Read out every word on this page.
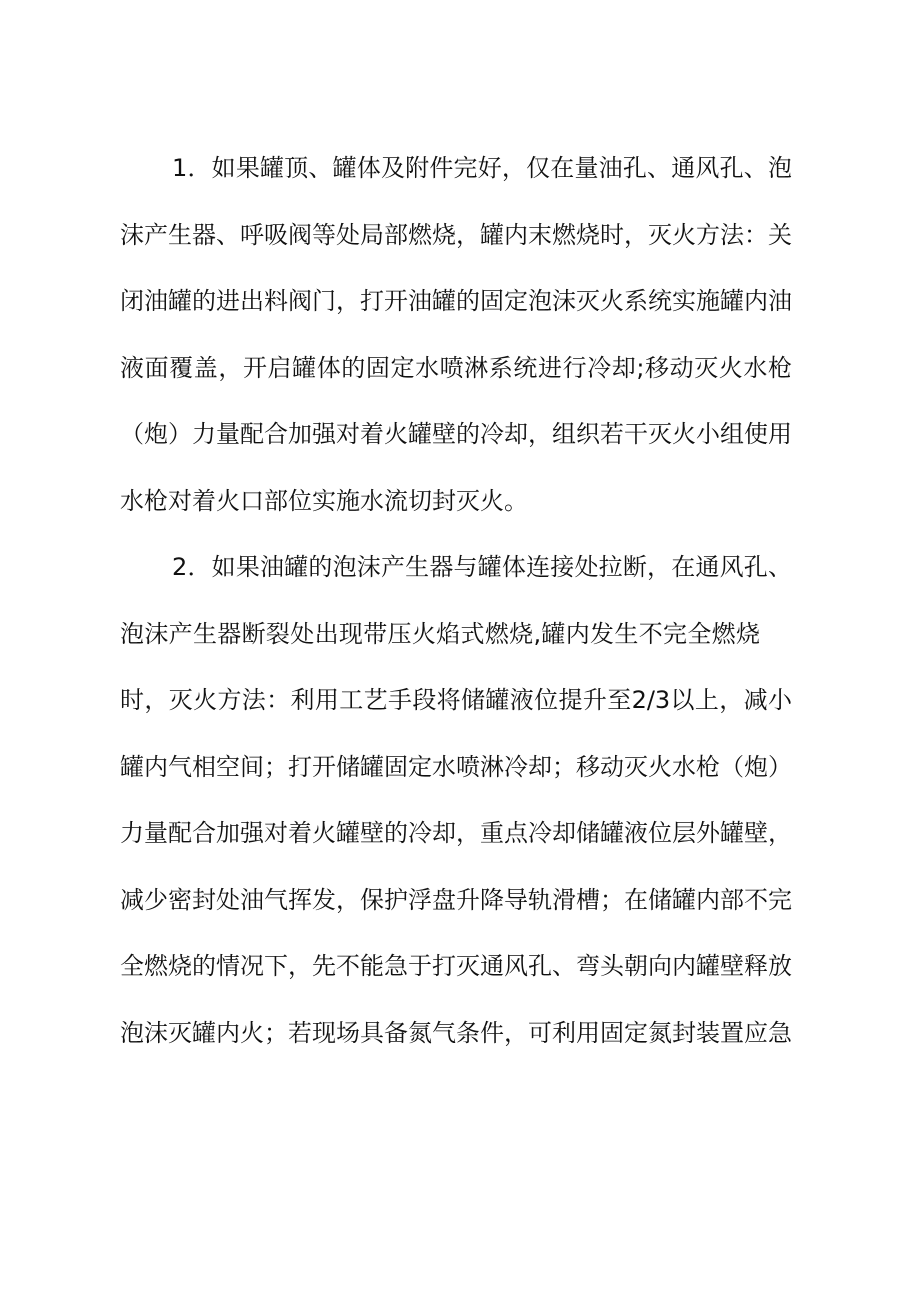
1．如果罐顶、罐体及附件完好，仅在量油孔、通风孔、泡
沫产生器、呼吸阀等处局部燃烧，罐内末燃烧时，灭火方法：关
闭油罐的进出料阀门，打开油罐的固定泡沫灭火系统实施罐内油
液面覆盖，开启罐体的固定水喷淋系统进行冷却;移动灭火水枪
（炮）力量配合加强对着火罐壁的冷却，组织若干灭火小组使用
水枪对着火口部位实施水流切封灭火。
2．如果油罐的泡沫产生器与罐体连接处拉断，在通风孔、
泡沫产生器断裂处出现带压火焰式燃烧,罐内发生不完全燃烧
时，灭火方法：利用工艺手段将储罐液位提升至2/3以上，减小
罐内气相空间；打开储罐固定水喷淋冷却；移动灭火水枪（炮）
力量配合加强对着火罐壁的冷却，重点冷却储罐液位层外罐壁，
减少密封处油气挥发，保护浮盘升降导轨滑槽；在储罐内部不完
全燃烧的情况下，先不能急于打灭通风孔、弯头朝向内罐壁释放
泡沫灭罐内火；若现场具备氮气条件，可利用固定氮封装置应急
